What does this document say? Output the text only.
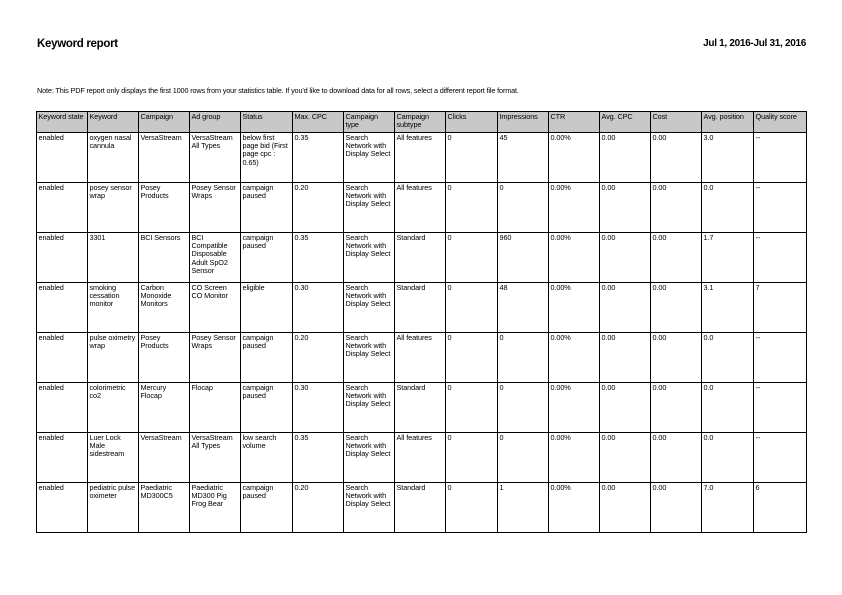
Keyword report	Jul 1, 2016-Jul 31, 2016
Note: This PDF report only displays the first 1000 rows from your statistics table. If you'd like to download data for all rows, select a different report file format.
Keyword state	Keyword	Campaign	Ad group	Status	Max. CPC	Campaign type	Campaign subtype	Clicks	Impressions	CTR	Avg. CPC	Cost	Avg. position	Quality score
enabled	oxygen nasal cannula	VersaStream	VersaStream All Types	below first page bid (First page cpc : 0.65)	0.35	Search Network with Display Select	All features	0	45	0.00%	0.00	0.00	3.0	--
enabled	posey sensor wrap	Posey Products	Posey Sensor Wraps	campaign paused	0.20	Search Network with Display Select	All features	0	0	0.00%	0.00	0.00	0.0	--
enabled	3301	BCI Sensors	BCI Compatible Disposable Adult SpO2 Sensor	campaign paused	0.35	Search Network with Display Select	Standard	0	960	0.00%	0.00	0.00	1.7	--
enabled	smoking cessation monitor	Carbon Monoxide Monitors	CO Screen CO Monitor	eligible	0.30	Search Network with Display Select	Standard	0	48	0.00%	0.00	0.00	3.1	7
enabled	pulse oximetry wrap	Posey Products	Posey Sensor Wraps	campaign paused	0.20	Search Network with Display Select	All features	0	0	0.00%	0.00	0.00	0.0	--
enabled	colorimetric co2	Mercury Flocap	Flocap	campaign paused	0.30	Search Network with Display Select	Standard	0	0	0.00%	0.00	0.00	0.0	--
enabled	Luer Lock Male sidestream	VersaStream	VersaStream All Types	low search volume	0.35	Search Network with Display Select	All features	0	0	0.00%	0.00	0.00	0.0	--
enabled	pediatric pulse oximeter	Paediatric MD300C5	Paediatric MD300 Pig Frog Bear	campaign paused	0.20	Search Network with Display Select	Standard	0	1	0.00%	0.00	0.00	7.0	6
